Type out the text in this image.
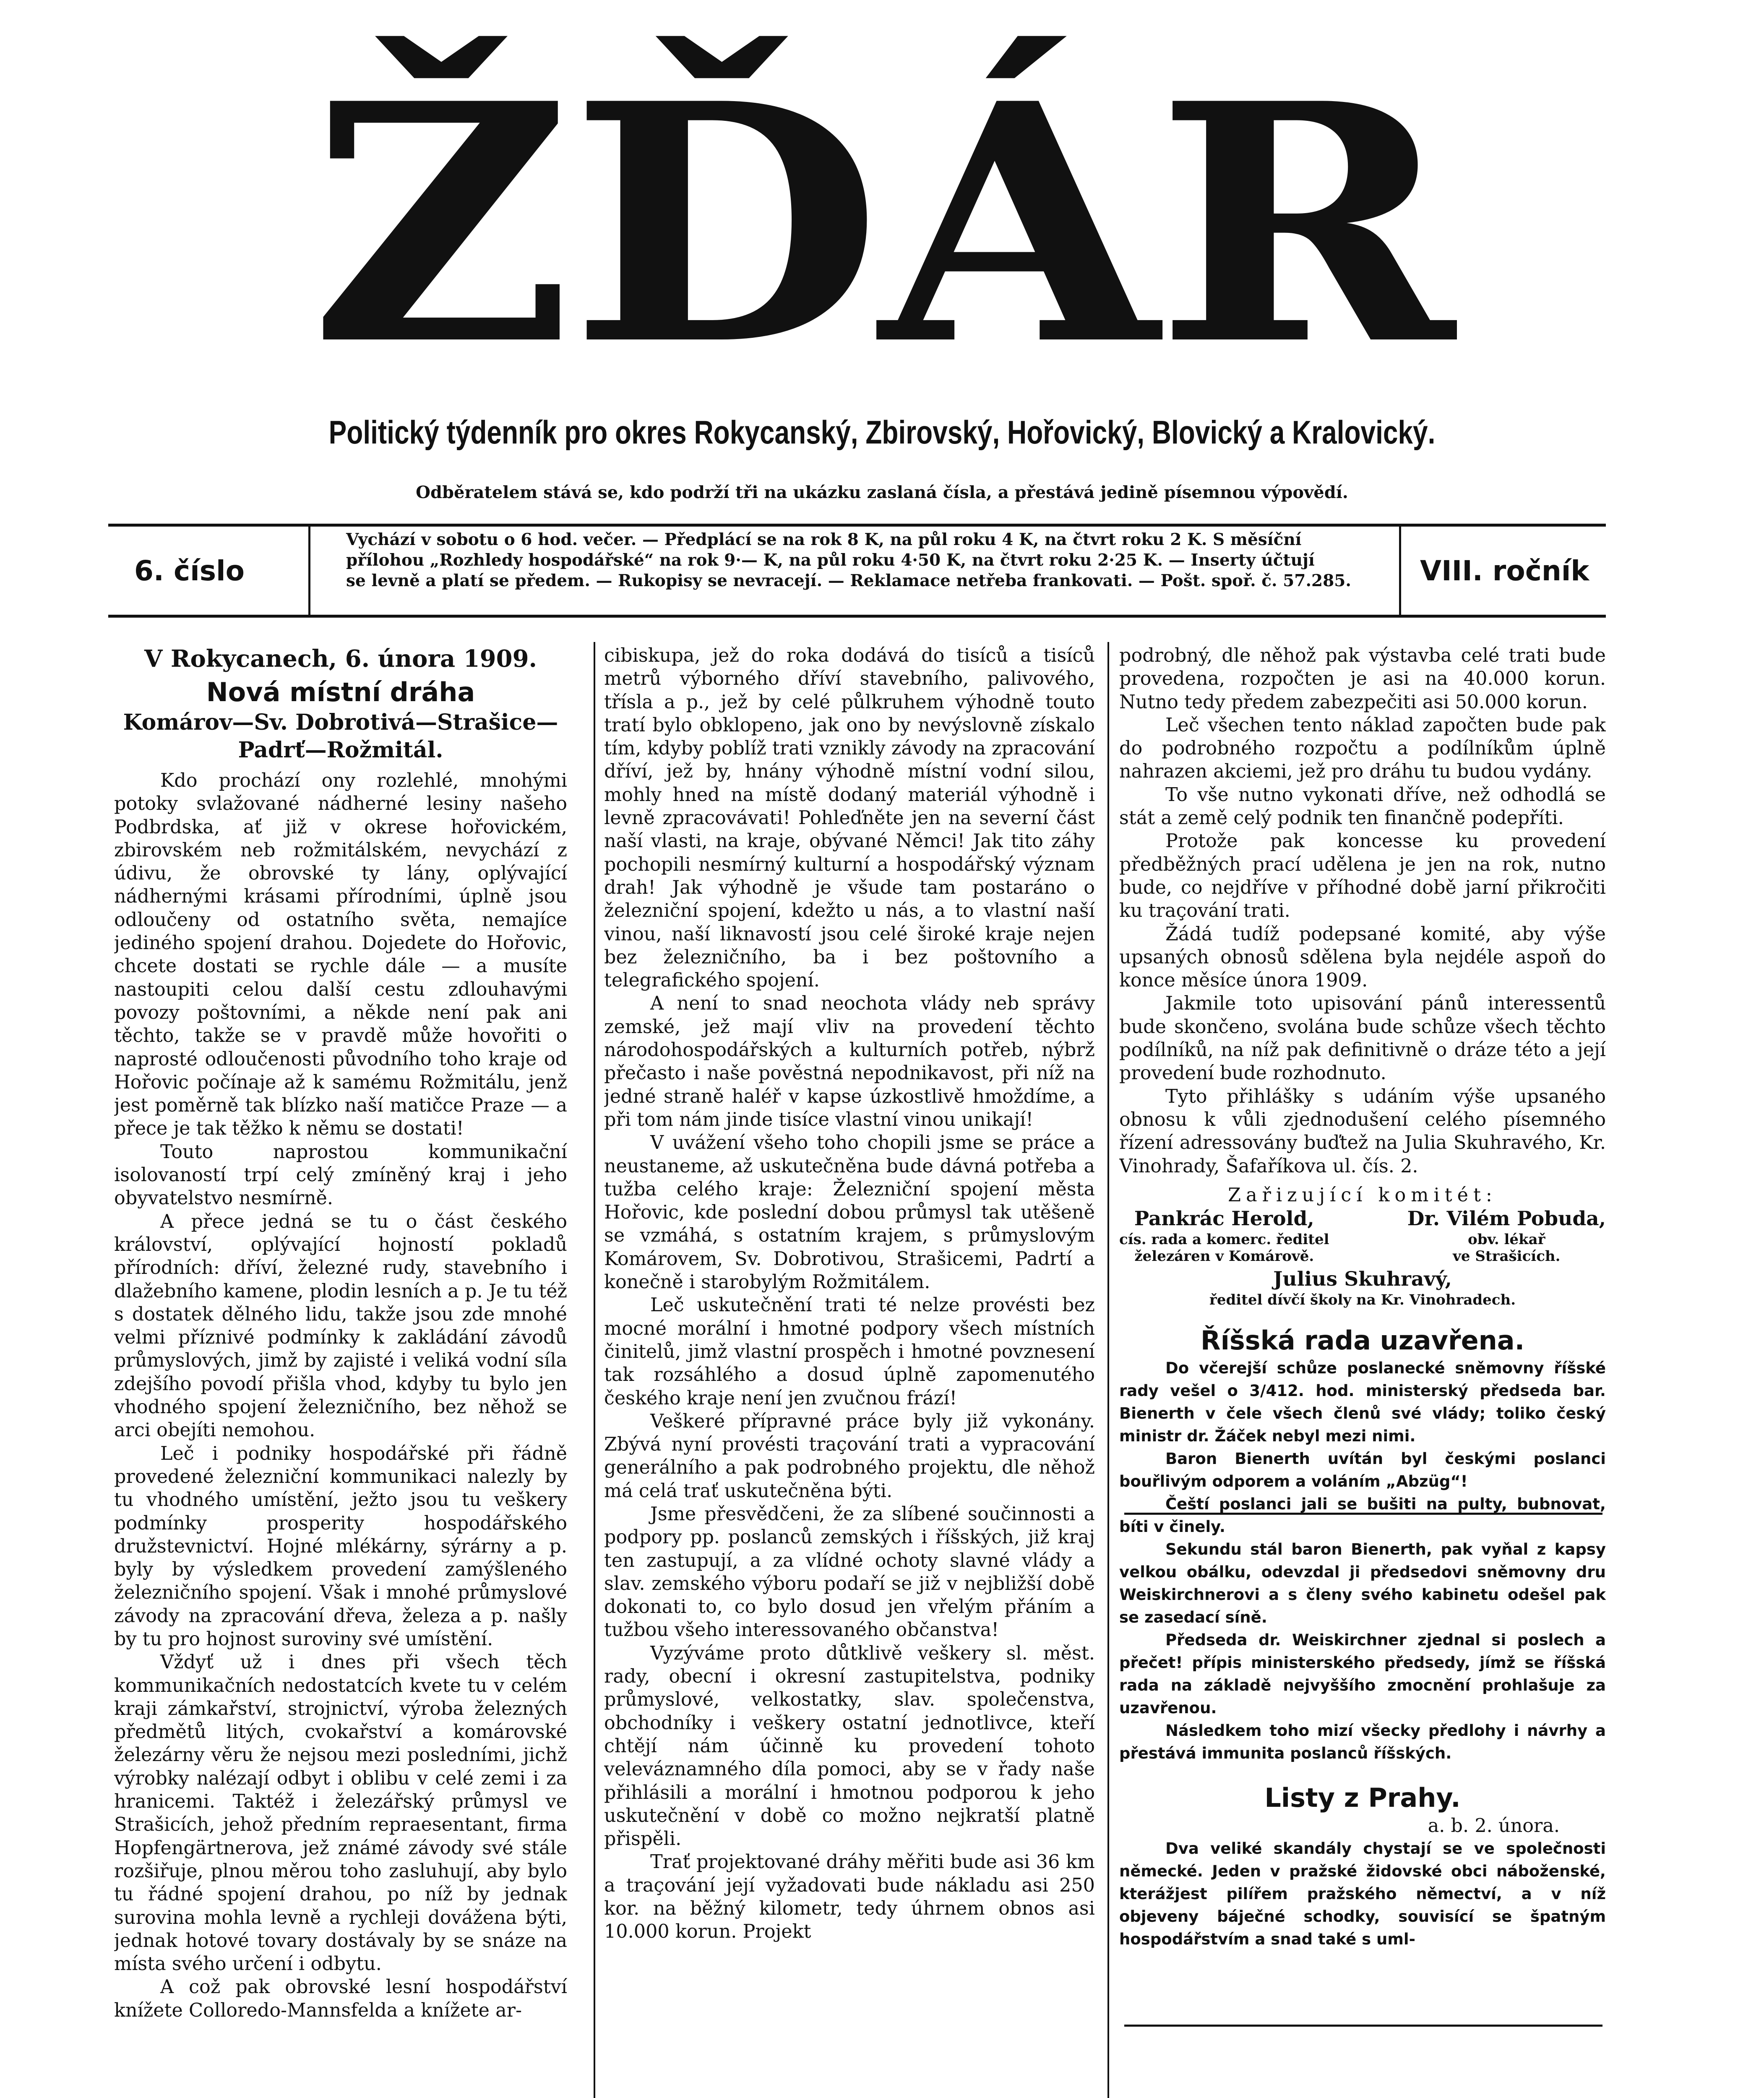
ŽĎÁR
Politický týdenník pro okres Rokycanský, Zbirovský, Hořovický, Blovický a Kralovický.
Odběratelem stává se, kdo podrží tři na ukázku zaslaná čísla, a přestává jedině písemnou výpovědí.
6. číslo
Vychází v sobotu o 6 hod. večer. — Předplácí se na rok 8 K, na půl roku 4 K, na čtvrt roku 2 K. S měsíční
přílohou „Rozhledy hospodářské“ na rok 9·— K, na půl roku 4·50 K, na čtvrt roku 2·25 K. — Inserty účtují
se levně a platí se předem. — Rukopisy se nevracejí. — Reklamace netřeba frankovati. — Pošt. spoř. č. 57.285.	VIII. ročník
V Rokycanech, 6. února 1909.
Nová místní dráha
Komárov—Sv. Dobrotivá—Strašice—Padrť—Rožmitál.

Kdo prochází ony rozlehlé, mnohými potoky svlažované nádherné lesiny našeho Podbrdska, ať již v okrese hořovickém, zbirovském neb rožmitálském, nevychází z údivu, že obrovské ty lány, oplývající nádhernými krásami přírodními, úplně jsou odloučeny od ostatního světa, nemajíce jediného spojení drahou. Dojedete do Hořovic, chcete dostati se rychle dále — a musíte nastoupiti celou další cestu zdlouhavými povozy poštovními, a někde není pak ani těchto, takže se v pravdě může hovořiti o naprosté odloučenosti původního toho kraje od Hořovic počínaje až k samému Rožmitálu, jenž jest poměrně tak blízko naší matičce Praze — a přece je tak těžko k němu se dostati!

Touto naprostou kommunikační isolovaností trpí celý zmíněný kraj i jeho obyvatelstvo nesmírně.

A přece jedná se tu o část českého království, oplývající hojností pokladů přírodních: dříví, železné rudy, stavebního i dlažebního kamene, plodin lesních a p. Je tu též s dostatek dělného lidu, takže jsou zde mnohé velmi příznivé podmínky k zakládání závodů průmyslových, jimž by zajisté i veliká vodní síla zdejšího povodí přišla vhod, kdyby tu bylo jen vhodného spojení železničního, bez něhož se arci obejíti nemohou.

Leč i podniky hospodářské při řádně provedené železniční kommunikaci nalezly by tu vhodného umístění, ježto jsou tu veškery podmínky prosperity hospodářského družstevnictví. Hojné mlékárny, sýrárny a p. byly by výsledkem provedení zamýšleného železničního spojení. Však i mnohé průmyslové závody na zpracování dřeva, železa a p. našly by tu pro hojnost suroviny své umístění.

Vždyť už i dnes při všech těch kommunikačních nedostatcích kvete tu v celém kraji zámkařství, strojnictví, výroba železných předmětů litých, cvokařství a komárovské železárny věru že nejsou mezi posledními, jichž výrobky nalézají odbyt i oblibu v celé zemi i za hranicemi. Taktéž i železářský průmysl ve Strašicích, jehož předním repraesentant, firma Hopfengärtnerova, jež známé závody své stále rozšiřuje, plnou měrou toho zasluhují, aby bylo tu řádné spojení drahou, po níž by jednak surovina mohla levně a rychleji dovážena býti, jednak hotové tovary dostávaly by se snáze na místa svého určení i odbytu.

A což pak obrovské lesní hospodářství knížete Colloredo-Mannsfelda a knížete ar-

cibiskupa, jež do roka dodává do tisíců a tisíců metrů výborného dříví stavebního, palivového, třísla a p., jež by celé půlkruhem výhodně touto tratí bylo obklopeno, jak ono by nevýslovně získalo tím, kdyby poblíž trati vznikly závody na zpracování dříví, jež by, hnány výhodně místní vodní silou, mohly hned na místě dodaný materiál výhodně i levně zpracovávati! Pohleďněte jen na severní část naší vlasti, na kraje, obývané Němci! Jak tito záhy pochopili nesmírný kulturní a hospodářský význam drah! Jak výhodně je všude tam postaráno o železniční spojení, kdežto u nás, a to vlastní naší vinou, naší liknavostí jsou celé široké kraje nejen bez železničního, ba i bez poštovního a telegrafického spojení.

A není to snad neochota vlády neb správy zemské, jež mají vliv na provedení těchto národohospodářských a kulturních potřeb, nýbrž přečasto i naše pověstná nepodnikavost, při níž na jedné straně haléř v kapse úzkostlivě hmoždíme, a při tom nám jinde tisíce vlastní vinou unikají!

V uvážení všeho toho chopili jsme se práce a neustaneme, až uskutečněna bude dávná potřeba a tužba celého kraje: Železniční spojení města Hořovic, kde poslední dobou průmysl tak utěšeně se vzmáhá, s ostatním krajem, s průmyslovým Komárovem, Sv. Dobrotivou, Strašicemi, Padrtí a konečně i starobylým Rožmitálem.

Leč uskutečnění trati té nelze provésti bez mocné morální i hmotné podpory všech místních činitelů, jimž vlastní prospěch i hmotné povznesení tak rozsáhlého a dosud úplně zapomenutého českého kraje není jen zvučnou frází!

Veškeré přípravné práce byly již vykonány. Zbývá nyní provésti traçování trati a vypracování generálního a pak podrobného projektu, dle něhož má celá trať uskutečněna býti.

Jsme přesvědčeni, že za slíbené součinnosti a podpory pp. poslanců zemských i říšských, již kraj ten zastupují, a za vlídné ochoty slavné vlády a slav. zemského výboru podaří se již v nejbližší době dokonati to, co bylo dosud jen vřelým přáním a tužbou všeho interessovaného občanstva!

Vyzýváme proto důtklivě veškery sl. měst. rady, obecní i okresní zastupitelstva, podniky průmyslové, velkostatky, slav. společenstva, obchodníky i veškery ostatní jednotlivce, kteří chtějí nám účinně ku provedení tohoto veleváznamného díla pomoci, aby se v řady naše přihlásili a morální i hmotnou podporou k jeho uskutečnění v době co možno nejkratší platně přispěli.

Trať projektované dráhy měřiti bude asi 36 km a traçování její vyžadovati bude nákladu asi 250 kor. na běžný kilometr, tedy úhrnem obnos asi 10.000 korun. Projekt

podrobný, dle něhož pak výstavba celé trati bude provedena, rozpočten je asi na 40.000 korun. Nutno tedy předem zabezpečiti asi 50.000 korun.

Leč všechen tento náklad započten bude pak do podrobného rozpočtu a podílníkům úplně nahrazen akciemi, jež pro dráhu tu budou vydány.

To vše nutno vykonati dříve, než odhodlá se stát a země celý podnik ten finančně podepříti.

Protože pak koncesse ku provedení předběžných prací udělena je jen na rok, nutno bude, co nejdříve v příhodné době jarní přikročiti ku traçování trati.

Žádá tudíž podepsané komité, aby výše upsaných obnosů sdělena byla nejdéle aspoň do konce měsíce února 1909.

Jakmile toto upisování pánů interessentů bude skončeno, svolána bude schůze všech těchto podílníků, na níž pak definitivně o dráze této a její provedení bude rozhodnuto.

Tyto přihlášky s udáním výše upsaného obnosu k vůli zjednodušení celého písemného řízení adressovány buďtež na Julia Skuhravého, Kr. Vinohrady, Šafaříkova ul. čís. 2.

Zařizující komitét:
Pankrác Herold,
cís. rada a komerc. ředitel
železáren v Komárově.
Dr. Vilém Pobuda,
obv. lékař
ve Strašicích.
Julius Skuhravý,
ředitel dívčí školy na Kr. Vinohradech.
Říšská rada uzavřena.

Do včerejší schůze poslanecké sněmovny říšské rady vešel o 3/412. hod. ministerský předseda bar. Bienerth v čele všech členů své vlády; toliko český ministr dr. Žáček nebyl mezi nimi.

Baron Bienerth uvítán byl českými poslanci bouřlivým odporem a voláním „Abzüg“!

Čeští poslanci jali se bušiti na pulty, bubnovat, bíti v činely.

Sekundu stál baron Bienerth, pak vyňal z kapsy velkou obálku, odevzdal ji předsedovi sněmovny dru Weiskirchnerovi a s členy svého kabinetu odešel pak se zasedací síně.

Předseda dr. Weiskirchner zjednal si poslech a přečet! přípis ministerského předsedy, jímž se říšská rada na základě nejvyššího zmocnění prohlašuje za uzavřenou.

Následkem toho mizí všecky předlohy i návrhy a přestává immunita poslanců říšských.

Listy z Prahy.
a. b. 2. února.

Dva veliké skandály chystají se ve společnosti německé. Jeden v pražské židovské obci náboženské, kterážjest pilířem pražského němectví, a v níž objeveny báječné schodky, souvisící se špatným hospodářstvím a snad také s uml-
